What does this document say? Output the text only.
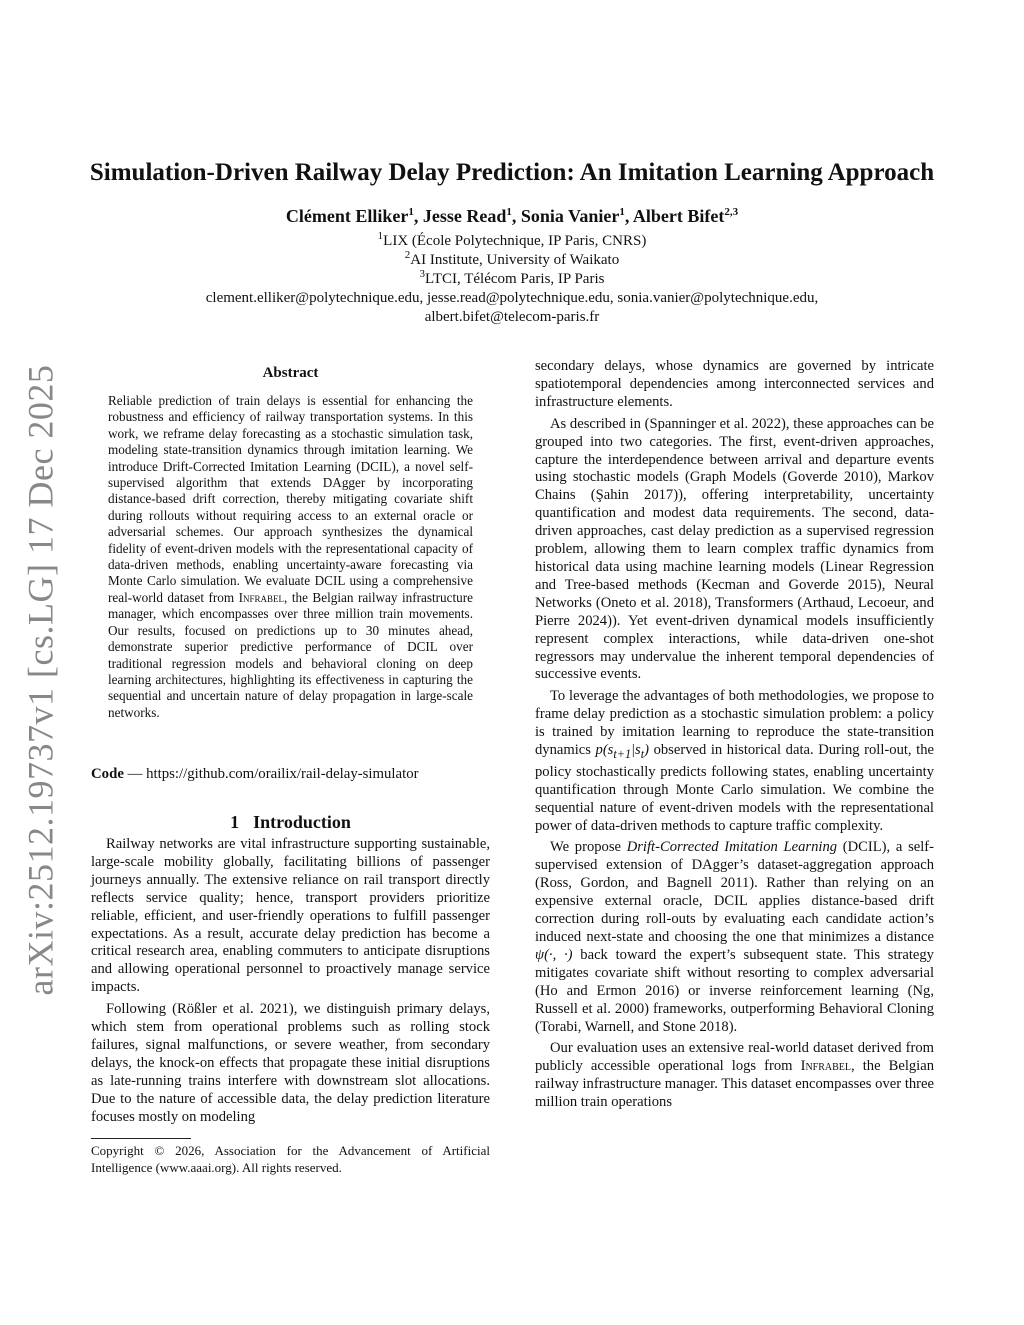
arXiv:2512.19737v1 [cs.LG] 17 Dec 2025
Simulation-Driven Railway Delay Prediction: An Imitation Learning Approach
Clément Elliker$^1$, Jesse Read$^1$, Sonia Vanier$^1$, Albert Bifet$^{2,3}$
$^1$LIX (École Polytechnique, IP Paris, CNRS)
$^2$AI Institute, University of Waikato
$^3$LTCI, Télécom Paris, IP Paris
clement.elliker@polytechnique.edu, jesse.read@polytechnique.edu, sonia.vanier@polytechnique.edu,
albert.bifet@telecom-paris.fr
Abstract
Reliable prediction of train delays is essential for enhancing the robustness and efficiency of railway transportation systems. In this work, we reframe delay forecasting as a stochastic simulation task, modeling state-transition dynamics through imitation learning. We introduce Drift-Corrected Imitation Learning (DCIL), a novel self-supervised algorithm that extends DAgger by incorporating distance-based drift correction, thereby mitigating covariate shift during rollouts without requiring access to an external oracle or adversarial schemes. Our approach synthesizes the dynamical fidelity of event-driven models with the representational capacity of data-driven methods, enabling uncertainty-aware forecasting via Monte Carlo simulation. We evaluate DCIL using a comprehensive real-world dataset from Infrabel, the Belgian railway infrastructure manager, which encompasses over three million train movements. Our results, focused on predictions up to 30 minutes ahead, demonstrate superior predictive performance of DCIL over traditional regression models and behavioral cloning on deep learning architectures, highlighting its effectiveness in capturing the sequential and uncertain nature of delay propagation in large-scale networks.
Code — https://github.com/orailix/rail-delay-simulator
1 Introduction

Railway networks are vital infrastructure supporting sustainable, large-scale mobility globally, facilitating billions of passenger journeys annually. The extensive reliance on rail transport directly reflects service quality; hence, transport providers prioritize reliable, efficient, and user-friendly operations to fulfill passenger expectations. As a result, accurate delay prediction has become a critical research area, enabling commuters to anticipate disruptions and allowing operational personnel to proactively manage service impacts.

Following (Rößler et al. 2021), we distinguish primary delays, which stem from operational problems such as rolling stock failures, signal malfunctions, or severe weather, from secondary delays, the knock-on effects that propagate these initial disruptions as late-running trains interfere with downstream slot allocations. Due to the nature of accessible data, the delay prediction literature focuses mostly on modeling

Copyright © 2026, Association for the Advancement of Artificial Intelligence (www.aaai.org). All rights reserved.

secondary delays, whose dynamics are governed by intricate spatiotemporal dependencies among interconnected services and infrastructure elements.

As described in (Spanninger et al. 2022), these approaches can be grouped into two categories. The first, event-driven approaches, capture the interdependence between arrival and departure events using stochastic models (Graph Models (Goverde 2010), Markov Chains (Şahin 2017)), offering interpretability, uncertainty quantification and modest data requirements. The second, data-driven approaches, cast delay prediction as a supervised regression problem, allowing them to learn complex traffic dynamics from historical data using machine learning models (Linear Regression and Tree-based methods (Kecman and Goverde 2015), Neural Networks (Oneto et al. 2018), Transformers (Arthaud, Lecoeur, and Pierre 2024)). Yet event-driven dynamical models insufficiently represent complex interactions, while data-driven one-shot regressors may undervalue the inherent temporal dependencies of successive events.

To leverage the advantages of both methodologies, we propose to frame delay prediction as a stochastic simulation problem: a policy is trained by imitation learning to reproduce the state-transition dynamics $p(s_{t+1}|s_t)$ observed in historical data. During roll-out, the policy stochastically predicts following states, enabling uncertainty quantification through Monte Carlo simulation. We combine the sequential nature of event-driven models with the representational power of data-driven methods to capture traffic complexity.

We propose Drift-Corrected Imitation Learning (DCIL), a self-supervised extension of DAgger’s dataset-aggregation approach (Ross, Gordon, and Bagnell 2011). Rather than relying on an expensive external oracle, DCIL applies distance-based drift correction during roll-outs by evaluating each candidate action’s induced next-state and choosing the one that minimizes a distance ψ(·, ·) back toward the expert’s subsequent state. This strategy mitigates covariate shift without resorting to complex adversarial (Ho and Ermon 2016) or inverse reinforcement learning (Ng, Russell et al. 2000) frameworks, outperforming Behavioral Cloning (Torabi, Warnell, and Stone 2018).

Our evaluation uses an extensive real-world dataset derived from publicly accessible operational logs from Infrabel, the Belgian railway infrastructure manager. This dataset encompasses over three million train operations
